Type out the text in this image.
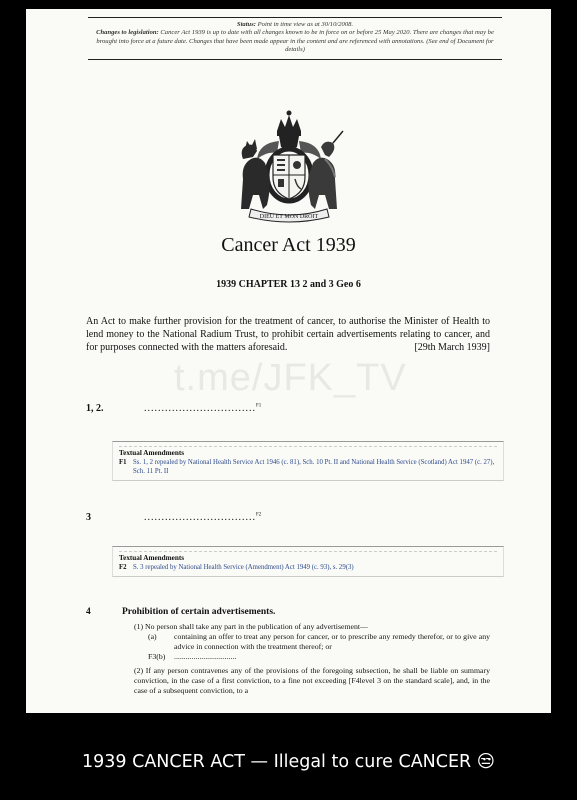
Status: Point in time view as at 30/10/2008.

Changes to legislation: Cancer Act 1939 is up to date with all changes known to be in force on or before 25 May 2020. There are changes that may be brought into force at a future date. Changes that have been made appear in the content and are referenced with annotations. (See end of Document for details)

DIEU ET MON DROIT
Cancer Act 1939
1939 CHAPTER 13 2 and 3 Geo 6
An Act to make further provision for the treatment of cancer, to authorise the Minister of Health to lend money to the National Radium Trust, to prohibit certain advertisements relating to cancer, and for purposes connected with the matters aforesaid.	[29th March 1939]
t.me/JFK_TV
1, 2.	................................$^{F1}$
Textual Amendments
F1 Ss. 1, 2 repealed by National Health Service Act 1946 (c. 81), Sch. 10 Pt. II and National Health Service (Scotland) Act 1947 (c. 27), Sch. 11 Pt. II
3	................................$^{F2}$
Textual Amendments
F2 S. 3 repealed by National Health Service (Amendment) Act 1949 (c. 93), s. 29(3)
4	Prohibition of certain advertisements.

(1) No person shall take any part in the publication of any advertisement—

(a)	containing an offer to treat any person for cancer, or to prescribe any remedy therefor, or to give any advice in connection with the treatment thereof; or
F3(b)	................................

(2) If any person contravenes any of the provisions of the foregoing subsection, he shall be liable on summary conviction, in the case of a first conviction, to a fine not exceeding [F4level 3 on the standard scale], and, in the case of a subsequent conviction, to a

1939 CANCER ACT — Illegal to cure CANCER 😒
